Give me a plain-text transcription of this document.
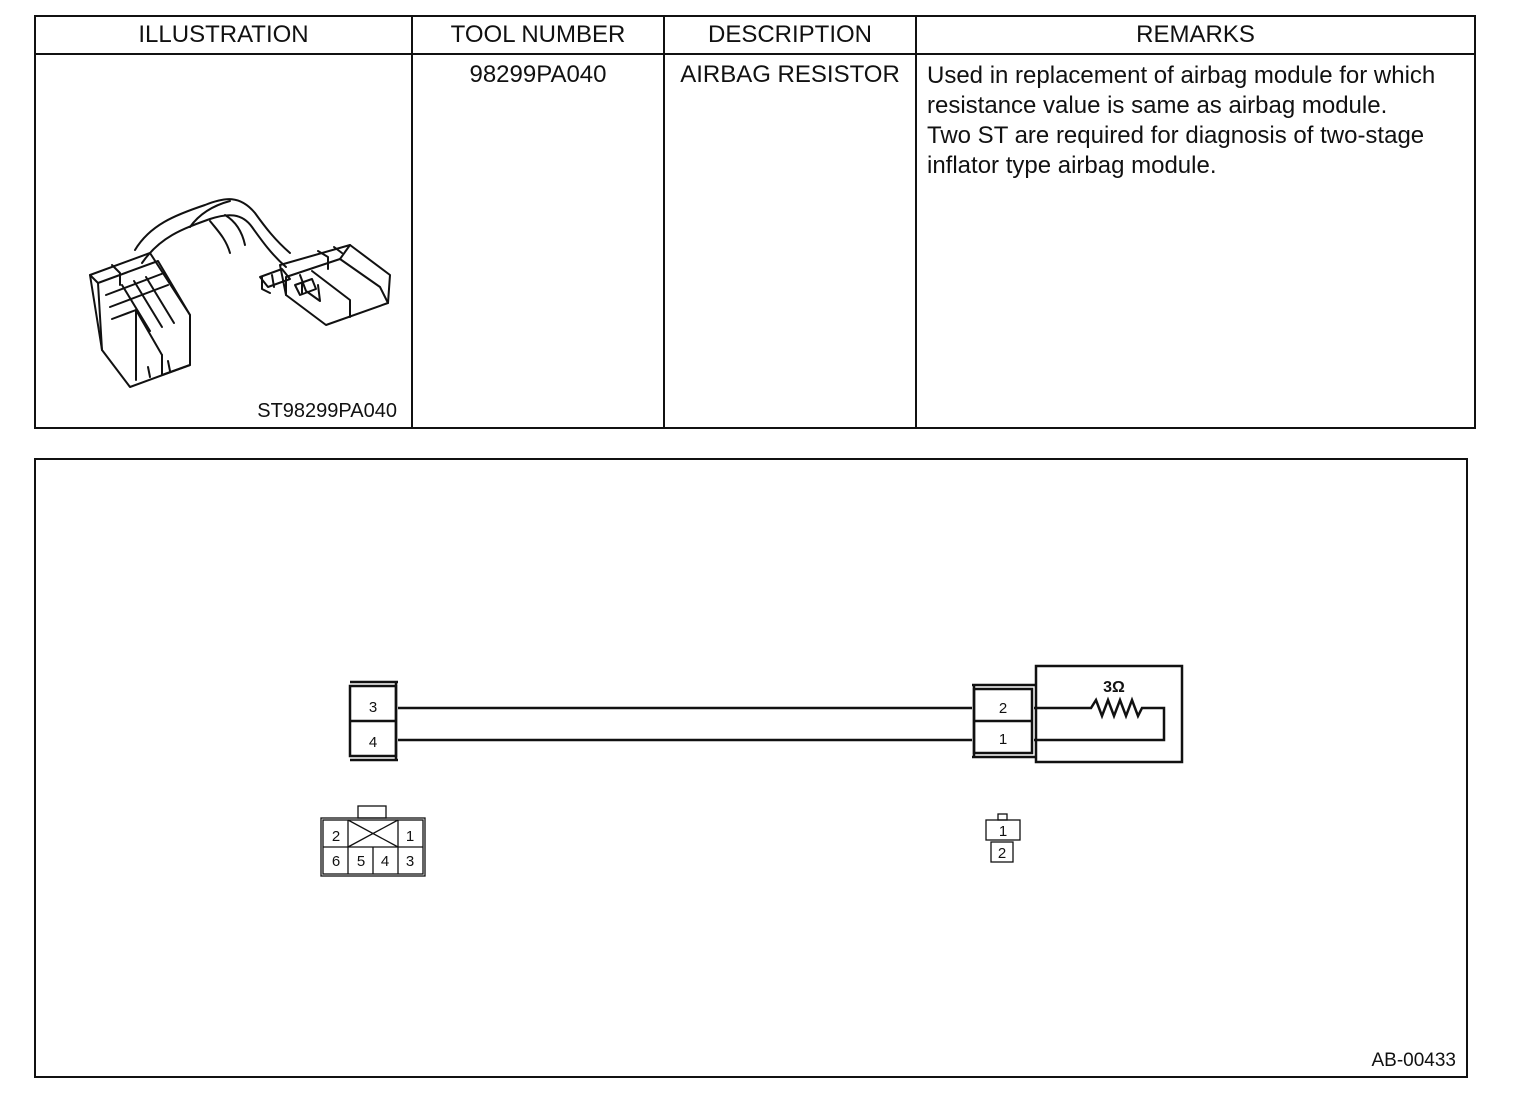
ILLUSTRATION	TOOL NUMBER	DESCRIPTION	REMARKS

ST98299PA040	98299PA040	AIRBAG RESISTOR	Used in replacement of airbag module for which resistance value is same as airbag module.

Two ST are required for diagnosis of two-stage inflator type airbag module.

3
4
2
1
3Ω
2	1
6 5 4 3
1
2
AB-00433
